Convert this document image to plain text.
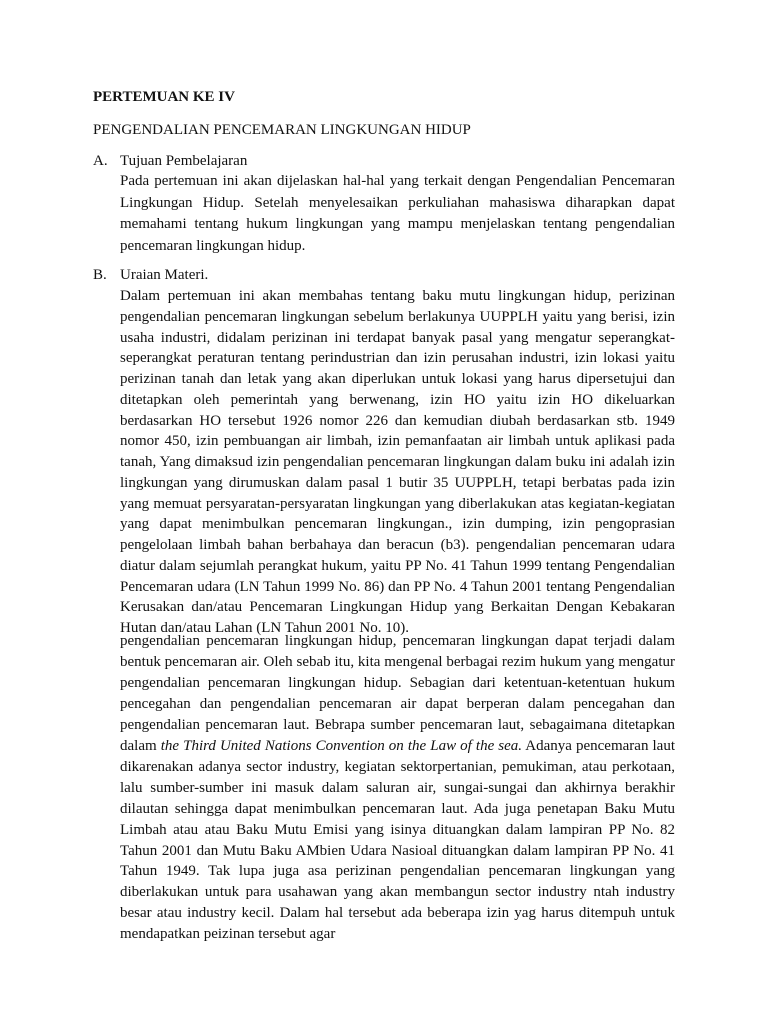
PERTEMUAN KE IV
PENGENDALIAN PENCEMARAN LINGKUNGAN HIDUP
A. Tujuan Pembelajaran

Pada pertemuan ini akan dijelaskan hal-hal yang terkait dengan Pengendalian Pencemaran Lingkungan Hidup. Setelah menyelesaikan perkuliahan mahasiswa diharapkan dapat memahami tentang hukum lingkungan yang mampu menjelaskan tentang pengendalian pencemaran lingkungan hidup.

B. Uraian Materi.

Dalam pertemuan ini akan membahas tentang baku mutu lingkungan hidup, perizinan pengendalian pencemaran lingkungan sebelum berlakunya UUPPLH yaitu yang berisi, izin usaha industri, didalam perizinan ini terdapat banyak pasal yang mengatur seperangkat-seperangkat peraturan tentang perindustrian dan izin perusahan industri, izin lokasi yaitu perizinan tanah dan letak yang akan diperlukan untuk lokasi yang harus dipersetujui dan ditetapkan oleh pemerintah yang berwenang, izin HO yaitu izin HO dikeluarkan berdasarkan HO tersebut 1926 nomor 226 dan kemudian diubah berdasarkan stb. 1949 nomor 450, izin pembuangan air limbah, izin pemanfaatan air limbah untuk aplikasi pada tanah, Yang dimaksud izin pengendalian pencemaran lingkungan dalam buku ini adalah izin lingkungan yang dirumuskan dalam pasal 1 butir 35 UUPPLH, tetapi berbatas pada izin yang memuat persyaratan-persyaratan lingkungan yang diberlakukan atas kegiatan-kegiatan yang dapat menimbulkan pencemaran lingkungan., izin dumping, izin pengoprasian pengelolaan limbah bahan berbahaya dan beracun (b3). pengendalian pencemaran udara diatur dalam sejumlah perangkat hukum, yaitu PP No. 41 Tahun 1999 tentang Pengendalian Pencemaran udara (LN Tahun 1999 No. 86) dan PP No. 4 Tahun 2001 tentang Pengendalian Kerusakan dan/atau Pencemaran Lingkungan Hidup yang Berkaitan Dengan Kebakaran Hutan dan/atau Lahan (LN Tahun 2001 No. 10).

pengendalian pencemaran lingkungan hidup, pencemaran lingkungan dapat terjadi dalam bentuk pencemaran air. Oleh sebab itu, kita mengenal berbagai rezim hukum yang mengatur pengendalian pencemaran lingkungan hidup. Sebagian dari ketentuan-ketentuan hukum pencegahan dan pengendalian pencemaran air dapat berperan dalam pencegahan dan pengendalian pencemaran laut. Bebrapa sumber pencemaran laut, sebagaimana ditetapkan dalam the Third United Nations Convention on the Law of the sea. Adanya pencemaran laut dikarenakan adanya sector industry, kegiatan sektorpertanian, pemukiman, atau perkotaan, lalu sumber-sumber ini masuk dalam saluran air, sungai-sungai dan akhirnya berakhir dilautan sehingga dapat menimbulkan pencemaran laut. Ada juga penetapan Baku Mutu Limbah atau atau Baku Mutu Emisi yang isinya dituangkan dalam lampiran PP No. 82 Tahun 2001 dan Mutu Baku AMbien Udara Nasioal dituangkan dalam lampiran PP No. 41 Tahun 1949. Tak lupa juga asa perizinan pengendalian pencemaran lingkungan yang diberlakukan untuk para usahawan yang akan membangun sector industry ntah industry besar atau industry kecil. Dalam hal tersebut ada beberapa izin yag harus ditempuh untuk mendapatkan peizinan tersebut agar
